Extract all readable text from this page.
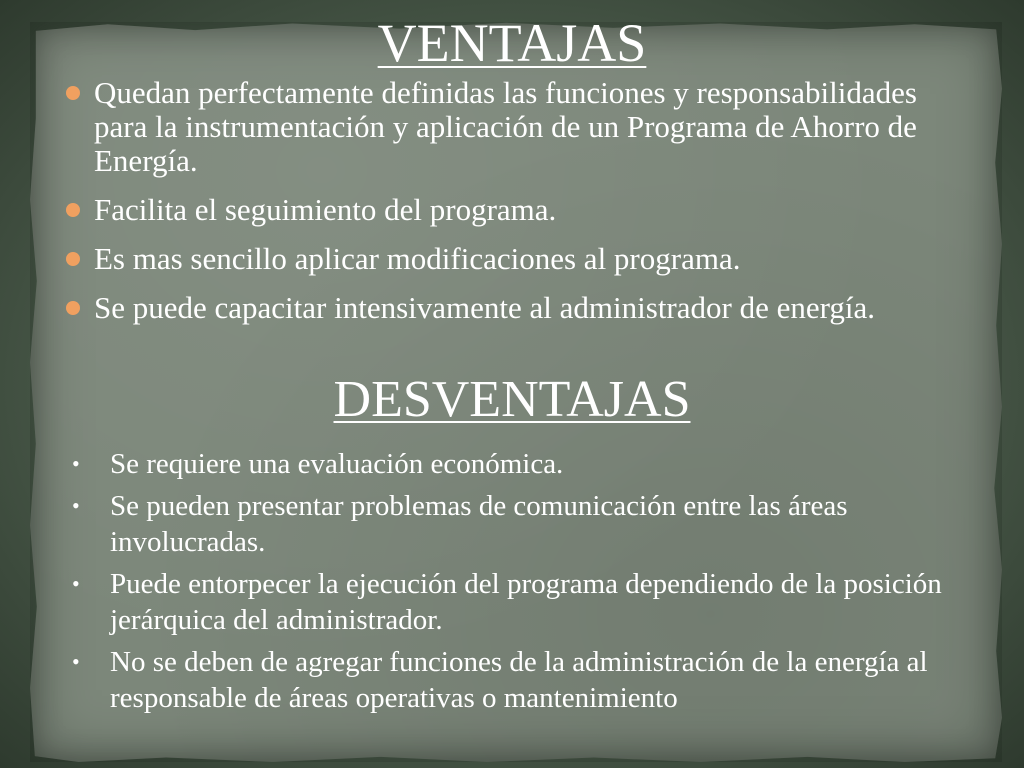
VENTAJAS
Quedan perfectamente definidas las funciones y responsabilidades para la instrumentación y aplicación de un Programa de Ahorro de Energía.
Facilita el seguimiento del programa.
Es mas sencillo aplicar modificaciones al programa.
Se puede capacitar intensivamente al administrador de energía.
DESVENTAJAS
• Se requiere una evaluación económica.
• Se pueden presentar problemas de comunicación entre las áreas involucradas.
• Puede entorpecer la ejecución del programa dependiendo de la posición jerárquica del administrador.
• No se deben de agregar funciones de la administración de la energía al responsable de áreas operativas o mantenimiento
